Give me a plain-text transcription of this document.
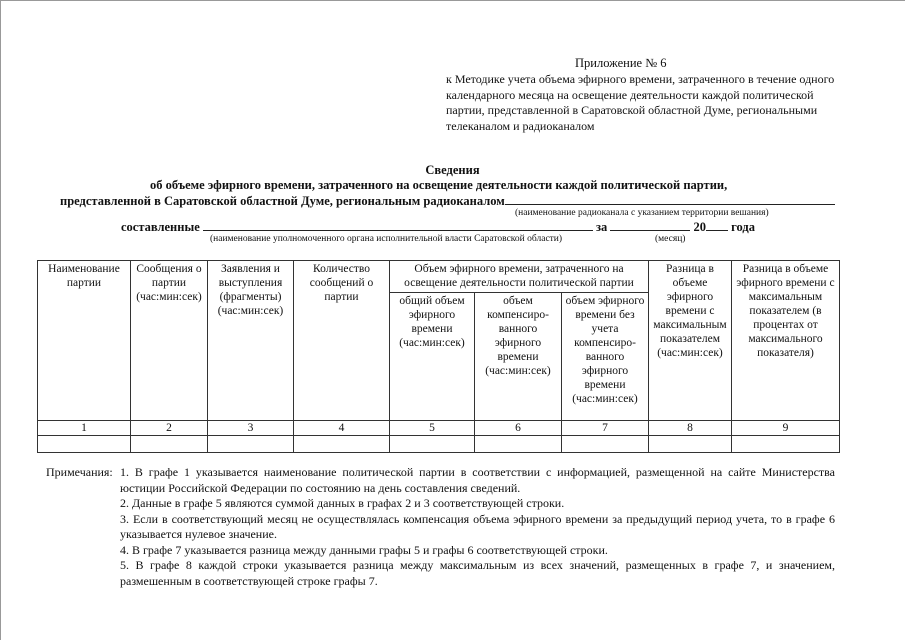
Приложение № 6
к Методике учета объема эфирного времени, затраченного в течение одного календарного месяца на освещение деятельности каждой политической партии, представленной в Саратовской областной Думе, региональными телеканалом и радиоканалом
Сведения
об объеме эфирного времени, затраченного на освещение деятельности каждой политической партии,
представленной в Саратовской областной Думе, региональным радиоканалом
(наименование радиоканала с указанием территории вешания)
составленные	за	20 года
(наименование уполномоченного органа исполнительной власти Саратовской области)	(месяц)
Наименование партии	Сообщения о партии (час:мин:сек)	Заявления и выступления (фрагменты) (час:мин:сек)	Количество сообщений о партии	Объем эфирного времени, затраченного на освещение деятельности политической партии			Разница в объеме эфирного времени с максимальным показателем (час:мин:сек)	Разница в объеме эфирного времени с максимальным показателем (в процентах от максимального показателя)
				общий объем эфирного времени (час:мин:сек)	объем компенсиро-ванного эфирного времени (час:мин:сек)	объем эфирного времени без учета компенсиро-ванного эфирного времени (час:мин:сек)		
1	2	3	4	5	6	7	8	9

Примечания: 1. В графе 1 указывается наименование политической партии в соответствии с информацией, размещенной на сайте Министерства юстиции Российской Федерации по состоянию на день составления сведений.

2. Данные в графе 5 являются суммой данных в графах 2 и 3 соответствующей строки.

3. Если в соответствующий месяц не осуществлялась компенсация объема эфирного времени за предыдущий период учета, то в графе 6 указывается нулевое значение.

4. В графе 7 указывается разница между данными графы 5 и графы 6 соответствующей строки.

5. В графе 8 каждой строки указывается разница между максимальным из всех значений, размещенных в графе 7, и значением, размешенным в соответствующей строке графы 7.
